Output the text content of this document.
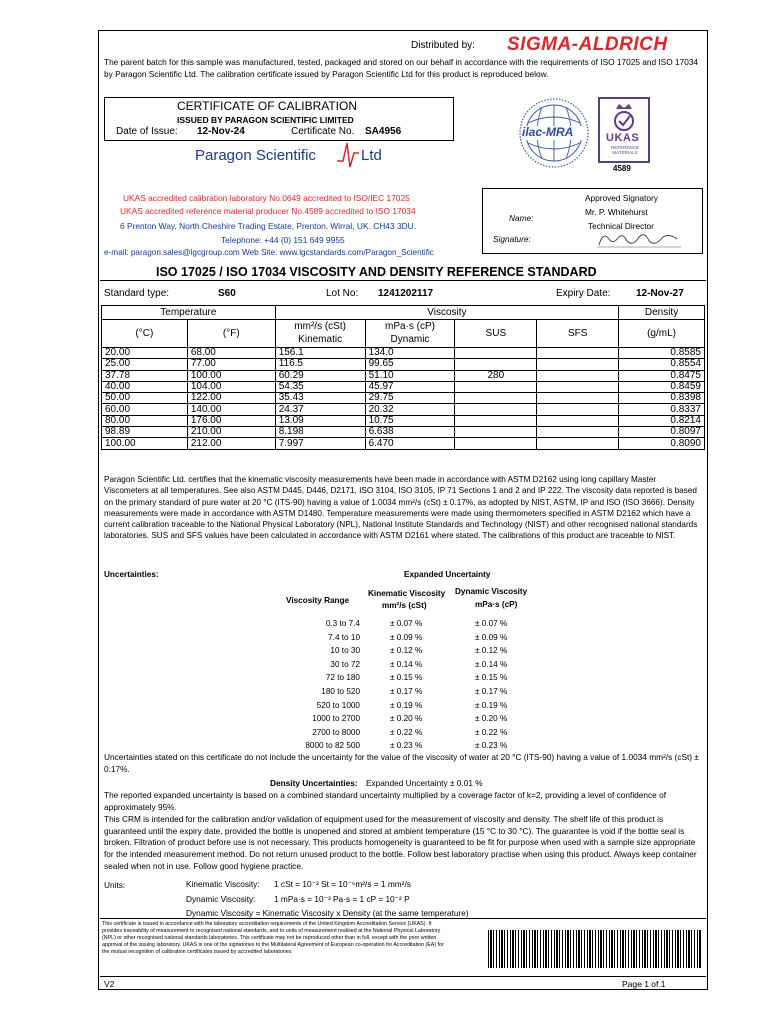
Distributed by: SIGMA-ALDRICH
The parent batch for this sample was manufactured, tested, packaged and stored on our behalf in accordance with the requirements of ISO 17025 and ISO 17034 by Paragon Scientific Ltd. The calibration certificate issued by Paragon Scientific Ltd for this product is reproduced below.
CERTIFICATE OF CALIBRATION
ISSUED BY PARAGON SCIENTIFIC LIMITED
Date of Issue: 12-Nov-24	Certificate No. SA4956
Paragon Scientific	Ltd
ilac-MRA	UKAS
REFERENCE MATERIALS
4589
UKAS accredited calibration laboratory No.0649 accredited to ISO/IEC 17025
UKAS accredited reference material producer No.4589 accredited to ISO 17034
6 Prenton Way, North Cheshire Trading Estate, Prenton, Wirral, UK. CH43 3DU.
Telephone: +44 (0) 151 649 9955
e-mail: paragon.sales@lgcgroup.com Web Site: www.lgcstandards.com/Paragon_Scientific
Approved Signatory
Name:
Mr. P. Whitehurst
Technical Director
Signature:
ISO 17025 / ISO 17034 VISCOSITY AND DENSITY REFERENCE STANDARD
Standard type:	S60	Lot No: 1241202117	Expiry Date:	12-Nov-27
Temperature		Viscosity				Density
(°C)	(°F)	mm²/s (cSt)	mPa·s (cP)	SUS	SFS	(g/mL)
		Kinematic	Dynamic			
20.00	68.00	156.1	134.0			0.8585
25.00	77.00	116.5	99.65			0.8554
37.78	100.00	60.29	51.10	280		0.8475
40.00	104.00	54.35	45.97			0.8459
50.00	122.00	35.43	29.75			0.8398
60.00	140.00	24.37	20.32			0.8337
80.00	176.00	13.09	10.75			0.8214
98.89	210.00	8.198	6.638			0.8097
100.00	212.00	7.997	6.470			0.8090
Paragon Scientific Ltd. certifies that the kinematic viscosity measurements have been made in accordance with ASTM D2162 using long capillary Master Viscometers at all temperatures. See also ASTM D445, D446, D2171, ISO 3104, ISO 3105, IP 71 Sections 1 and 2 and IP 222. The viscosity data reported is based on the primary standard of pure water at 20 °C (ITS-90) having a value of 1.0034 mm²/s (cSt) ± 0.17%, as adopted by NIST, ASTM, IP and ISO (ISO 3666). Density measurements were made in accordance with ASTM D1480. Temperature measurements were made using thermometers specified in ASTM D2162 which have a current calibration traceable to the National Physical Laboratory (NPL), National Institute Standards and Technology (NIST) and other recognised national standards laboratories. SUS and SFS values have been calculated in accordance with ASTM D2161 where stated. The calibrations of this product are traceable to NIST.
Uncertainties:	Expanded Uncertainty
Viscosity Range
Kinematic Viscosity
mm²/s (cSt)
Dynamic Viscosity
mPa·s (cP)
0.3 to 7.4	± 0.07 %	± 0.07 %
7.4 to 10	± 0.09 %	± 0.09 %
10 to 30	± 0.12 %	± 0.12 %
30 to 72	± 0.14 %	± 0.14 %
72 to 180	± 0.15 %	± 0.15 %
180 to 520	± 0.17 %	± 0.17 %
520 to 1000	± 0.19 %	± 0.19 %
1000 to 2700	± 0.20 %	± 0.20 %
2700 to 8000	± 0.22 %	± 0.22 %
8000 to 82 500	± 0.23 %	± 0.23 %
Uncertainties stated on this certificate do not include the uncertainty for the value of the viscosity of water at 20 °C (ITS-90) having a value of 1.0034 mm²/s (cSt) ± 0.17%.
Density Uncertainties: Expanded Uncertainty ± 0.01 %
The reported expanded uncertainty is based on a combined standard uncertainty multiplied by a coverage factor of k=2, providing a level of confidence of approximately 95%.
This CRM is intended for the calibration and/or validation of equipment used for the measurement of viscosity and density. The shelf life of this product is guaranteed until the expiry date, provided the bottle is unopened and stored at ambient temperature (15 °C to 30 °C). The guarantee is void if the bottle seal is broken. Filtration of product before use is not necessary. This products homogeneity is guaranteed to be fit for purpose when used with a sample size appropriate for the intended measurement method. Do not return unused product to the bottle. Follow best laboratory practise when using this product. Always keep container sealed when not in use. Follow good hygiene practice.
Units:	Kinematic Viscosity: 1 cSt = 10⁻² St = 10⁻⁶m²/s = 1 mm²/s
Dynamic Viscosity: 1 mPa·s = 10⁻³ Pa·s = 1 cP = 10⁻² P
Dynamic Viscosity = Kinematic Viscosity x Density (at the same temperature)
This certificate is issued in accordance with the laboratory accreditation requirements of the United Kingdom Accreditation Service (UKAS). It provides traceability of measurement to recognised national standards, and to units of measurement realised at the National Physical Laboratory (NPL) or other recognised national standards laboratories. This certificate may not be reproduced other than in full, except with the prior written approval of the issuing laboratory. UKAS is one of the signatories to the Multilateral Agreement of European co-operation for Accreditation (EA) for the mutual recognition of calibration certificates issued by accredited laboratories.
V2	Page 1 of 1
